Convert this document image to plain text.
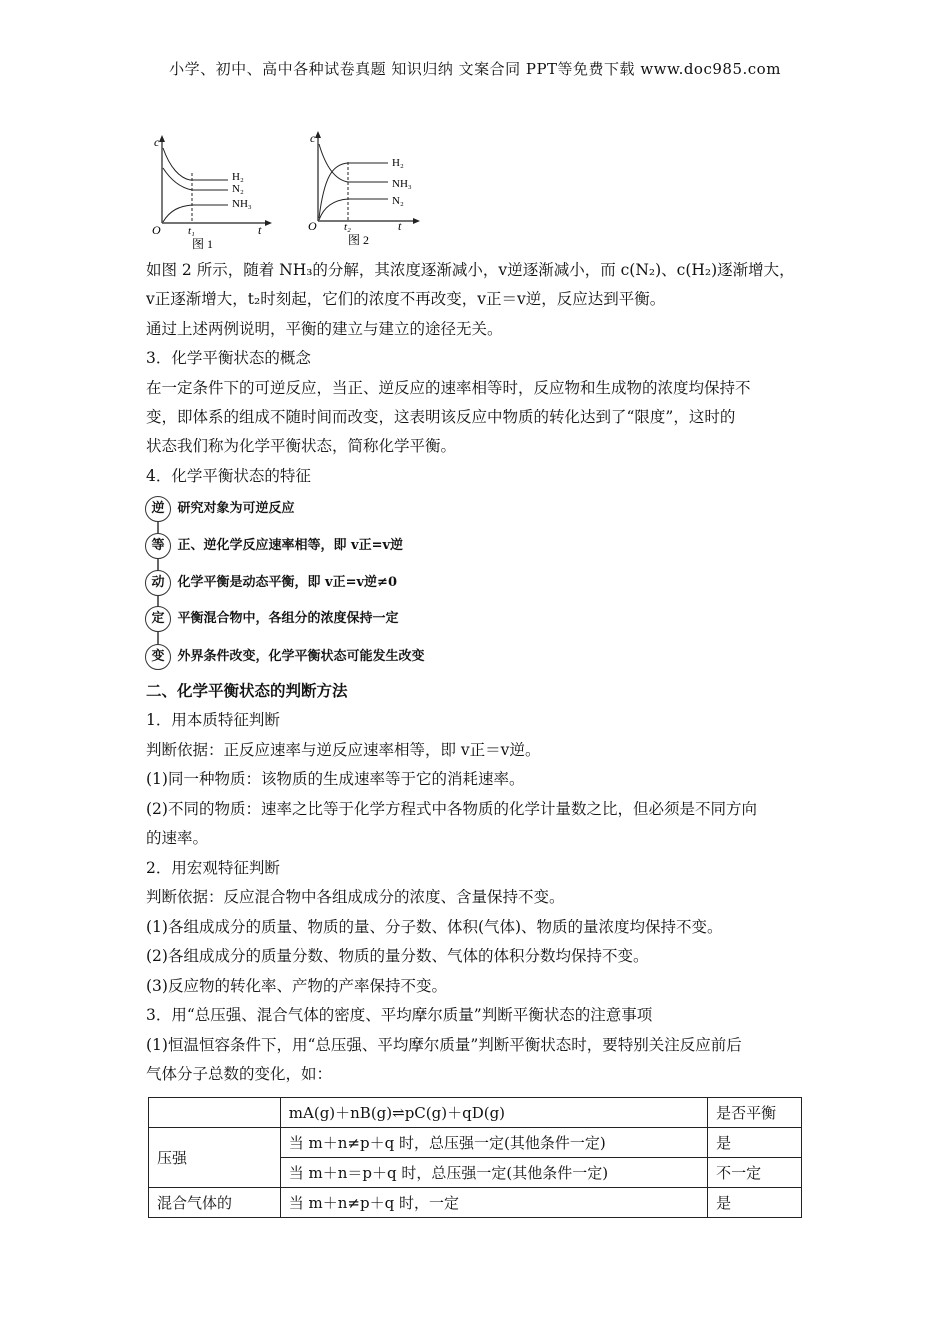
小学、初中、高中各种试卷真题 知识归纳 文案合同 PPT等免费下载 www.doc985.com
c
H₂
N₂
NH₃
O t₁	t
图 1
c
H₂
NH₃
N₂
O t₂	t
图 2
如图 2 所示，随着 NH₃的分解，其浓度逐渐减小，v逆逐渐减小，而 c(N₂)、c(H₂)逐渐增大，
v正逐渐增大，t₂时刻起，它们的浓度不再改变，v正＝v逆，反应达到平衡。
通过上述两例说明，平衡的建立与建立的途径无关。
3．化学平衡状态的概念
在一定条件下的可逆反应，当正、逆反应的速率相等时，反应物和生成物的浓度均保持不
变，即体系的组成不随时间而改变，这表明该反应中物质的转化达到了“限度”，这时的
状态我们称为化学平衡状态，简称化学平衡。
4．化学平衡状态的特征
逆 研究对象为可逆反应
等 正、逆化学反应速率相等，即 v正=v逆
动 化学平衡是动态平衡，即 v正=v逆≠0
定 平衡混合物中，各组分的浓度保持一定
变 外界条件改变，化学平衡状态可能发生改变
二、化学平衡状态的判断方法
1．用本质特征判断
判断依据：正反应速率与逆反应速率相等，即 v正＝v逆。
(1)同一种物质：该物质的生成速率等于它的消耗速率。
(2)不同的物质：速率之比等于化学方程式中各物质的化学计量数之比，但必须是不同方向
的速率。
2．用宏观特征判断
判断依据：反应混合物中各组成成分的浓度、含量保持不变。
(1)各组成成分的质量、物质的量、分子数、体积(气体)、物质的量浓度均保持不变。
(2)各组成成分的质量分数、物质的量分数、气体的体积分数均保持不变。
(3)反应物的转化率、产物的产率保持不变。
3．用“总压强、混合气体的密度、平均摩尔质量”判断平衡状态的注意事项
(1)恒温恒容条件下，用“总压强、平均摩尔质量”判断平衡状态时，要特别关注反应前后
气体分子总数的变化，如：
	mA(g)＋nB(g)⇌pC(g)＋qD(g)	是否平衡
压强	当 m＋n≠p＋q 时，总压强一定(其他条件一定)	是
	当 m＋n＝p＋q 时，总压强一定(其他条件一定)	不一定
混合气体的	当 m＋n≠p＋q 时，一定	是
